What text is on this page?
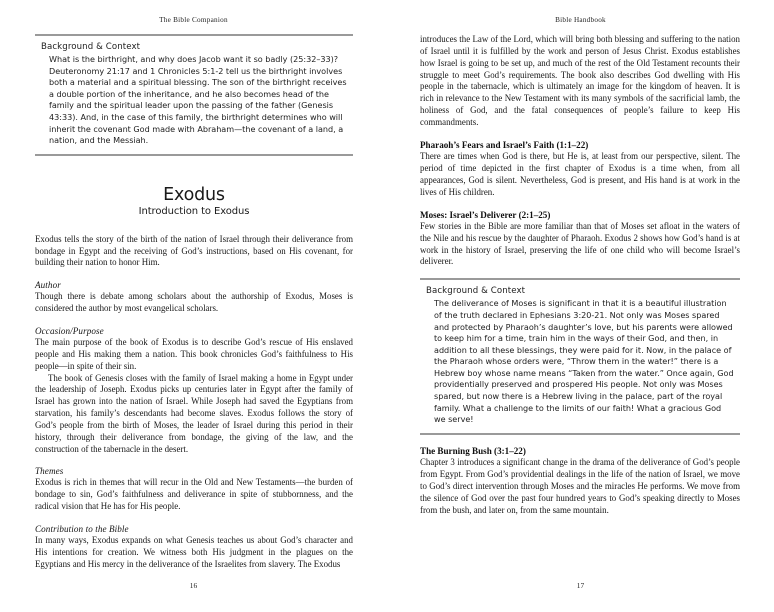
The Bible Companion
Background & Context
What is the birthright, and why does Jacob want it so badly (25:32–33)? Deuteronomy 21:17 and 1 Chronicles 5:1-2 tell us the birthright involves both a material and a spiritual blessing. The son of the birthright receives a double portion of the inheritance, and he also becomes head of the family and the spiritual leader upon the passing of the father (Genesis 43:33). And, in the case of this family, the birthright determines who will inherit the covenant God made with Abraham—the covenant of a land, a nation, and the Messiah.
Exodus
Introduction to Exodus

Exodus tells the story of the birth of the nation of Israel through their deliverance from bondage in Egypt and the receiving of God’s instructions, based on His covenant, for building their nation to honor Him.

Author

Though there is debate among scholars about the authorship of Exodus, Moses is considered the author by most evangelical scholars.

Occasion/Purpose

The main purpose of the book of Exodus is to describe God’s rescue of His enslaved people and His making them a nation. This book chronicles God’s faithfulness to His people—in spite of their sin.

The book of Genesis closes with the family of Israel making a home in Egypt under the leadership of Joseph. Exodus picks up centuries later in Egypt after the family of Israel has grown into the nation of Israel. While Joseph had saved the Egyptians from starvation, his family’s descendants had become slaves. Exodus follows the story of God’s people from the birth of Moses, the leader of Israel during this period in their history, through their deliverance from bondage, the giving of the law, and the construction of the tabernacle in the desert.

Themes

Exodus is rich in themes that will recur in the Old and New Testaments—the burden of bondage to sin, God’s faithfulness and deliverance in spite of stubbornness, and the radical vision that He has for His people.

Contribution to the Bible

In many ways, Exodus expands on what Genesis teaches us about God’s character and His intentions for creation. We witness both His judgment in the plagues on the Egyptians and His mercy in the deliverance of the Israelites from slavery. The Exodus

16
Bible Handbook

introduces the Law of the Lord, which will bring both blessing and suffering to the nation of Israel until it is fulfilled by the work and person of Jesus Christ. Exodus establishes how Israel is going to be set up, and much of the rest of the Old Testament recounts their struggle to meet God’s requirements. The book also describes God dwelling with His people in the tabernacle, which is ultimately an image for the kingdom of heaven. It is rich in relevance to the New Testament with its many symbols of the sacrificial lamb, the holiness of God, and the fatal consequences of people’s failure to keep His commandments.

Pharaoh’s Fears and Israel’s Faith (1:1–22)

There are times when God is there, but He is, at least from our perspective, silent. The period of time depicted in the first chapter of Exodus is a time when, from all appearances, God is silent. Nevertheless, God is present, and His hand is at work in the lives of His children.

Moses: Israel’s Deliverer (2:1–25)

Few stories in the Bible are more familiar than that of Moses set afloat in the waters of the Nile and his rescue by the daughter of Pharaoh. Exodus 2 shows how God’s hand is at work in the history of Israel, preserving the life of one child who will become Israel’s deliverer.

Background & Context
The deliverance of Moses is significant in that it is a beautiful illustration of the truth declared in Ephesians 3:20-21. Not only was Moses spared and protected by Pharaoh’s daughter’s love, but his parents were allowed to keep him for a time, train him in the ways of their God, and then, in addition to all these blessings, they were paid for it. Now, in the palace of the Pharaoh whose orders were, “Throw them in the water!” there is a Hebrew boy whose name means “Taken from the water.” Once again, God providentially preserved and prospered His people. Not only was Moses spared, but now there is a Hebrew living in the palace, part of the royal family. What a challenge to the limits of our faith! What a gracious God we serve!
The Burning Bush (3:1–22)

Chapter 3 introduces a significant change in the drama of the deliverance of God’s people from Egypt. From God’s providential dealings in the life of the nation of Israel, we move to God’s direct intervention through Moses and the miracles He performs. We move from the silence of God over the past four hundred years to God’s speaking directly to Moses from the bush, and later on, from the same mountain.

17
